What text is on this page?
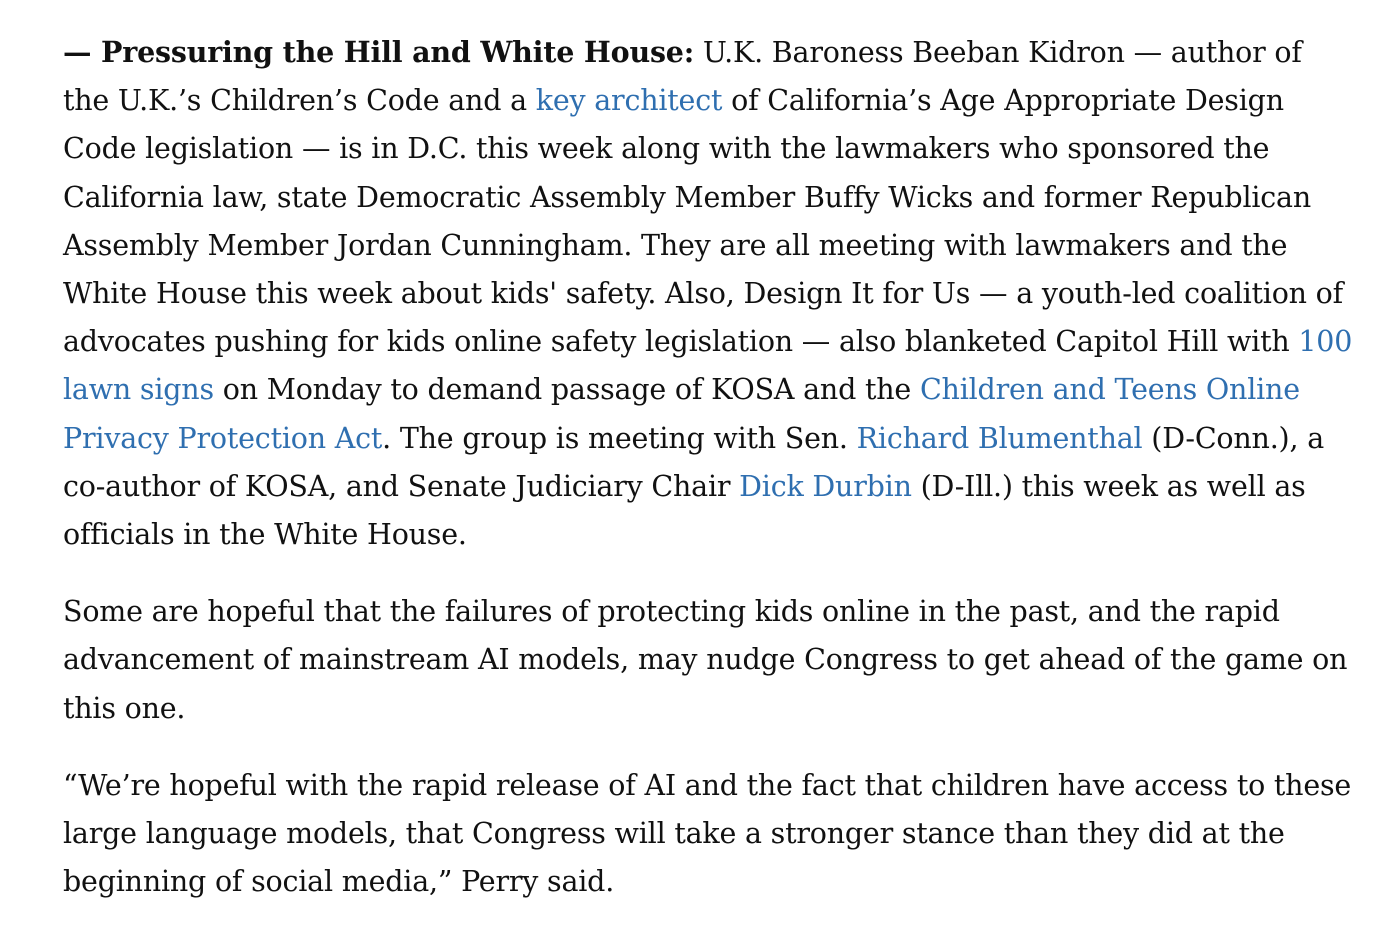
— Pressuring the Hill and White House: U.K. Baroness Beeban Kidron — author of the U.K.’s Children’s Code and a key architect of California’s Age Appropriate Design Code legislation — is in D.C. this week along with the lawmakers who sponsored the California law, state Democratic Assembly Member Buffy Wicks and former Republican Assembly Member Jordan Cunningham. They are all meeting with lawmakers and the White House this week about kids' safety. Also, Design It for Us — a youth-led coalition of advocates pushing for kids online safety legislation — also blanketed Capitol Hill with 100 lawn signs on Monday to demand passage of KOSA and the Children and Teens Online Privacy Protection Act. The group is meeting with Sen. Richard Blumenthal (D-Conn.), a co-author of KOSA, and Senate Judiciary Chair Dick Durbin (D-Ill.) this week as well as officials in the White House.

Some are hopeful that the failures of protecting kids online in the past, and the rapid advancement of mainstream AI models, may nudge Congress to get ahead of the game on this one.

“We’re hopeful with the rapid release of AI and the fact that children have access to these large language models, that Congress will take a stronger stance than they did at the beginning of social media,” Perry said.
